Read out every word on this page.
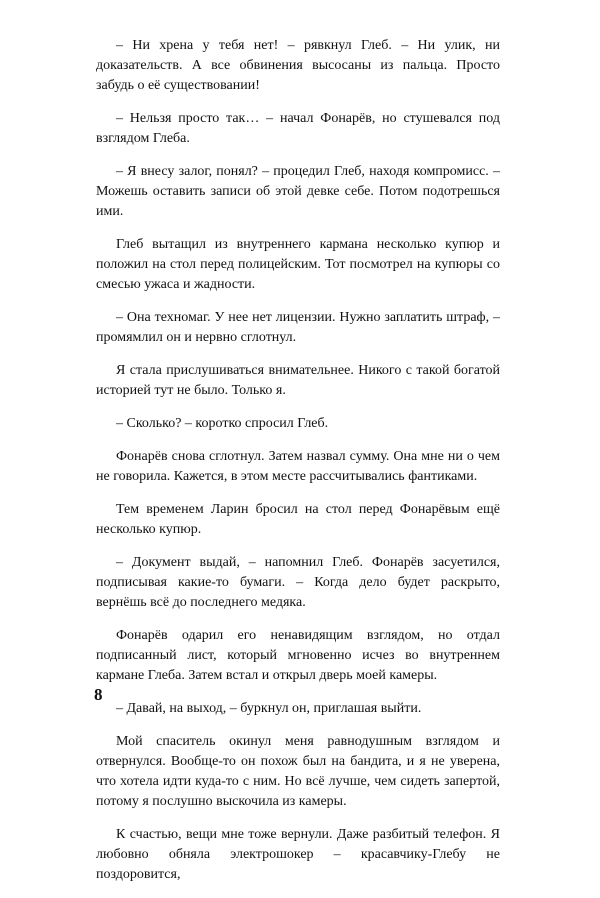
– Ни хрена у тебя нет! – рявкнул Глеб. – Ни улик, ни доказательств. А все обвинения высосаны из пальца. Просто забудь о её существовании!

– Нельзя просто так… – начал Фонарёв, но стушевался под взглядом Глеба.

– Я внесу залог, понял? – процедил Глеб, находя компромисс. – Можешь оставить записи об этой девке себе. Потом подотрешься ими.

Глеб вытащил из внутреннего кармана несколько купюр и положил на стол перед полицейским. Тот посмотрел на купюры со смесью ужаса и жадности.

– Она техномаг. У нее нет лицензии. Нужно заплатить штраф, – промямлил он и нервно сглотнул.

Я стала прислушиваться внимательнее. Никого с такой богатой историей тут не было. Только я.

– Сколько? – коротко спросил Глеб.

Фонарёв снова сглотнул. Затем назвал сумму. Она мне ни о чем не говорила. Кажется, в этом месте рассчитывались фантиками.

Тем временем Ларин бросил на стол перед Фонарёвым ещё несколько купюр.

– Документ выдай, – напомнил Глеб. Фонарёв засуетился, подписывая какие-то бумаги. – Когда дело будет раскрыто, вернёшь всё до последнего медяка.

Фонарёв одарил его ненавидящим взглядом, но отдал подписанный лист, который мгновенно исчез во внутреннем кармане Глеба. Затем встал и открыл дверь моей камеры.

– Давай, на выход, – буркнул он, приглашая выйти.

Мой спаситель окинул меня равнодушным взглядом и отвернулся. Вообще-то он похож был на бандита, и я не уверена, что хотела идти куда-то с ним. Но всё лучше, чем сидеть запертой, потому я послушно выскочила из камеры.

К счастью, вещи мне тоже вернули. Даже разбитый телефон. Я любовно обняла электрошокер – красавчику-Глебу не поздоровится,

8
